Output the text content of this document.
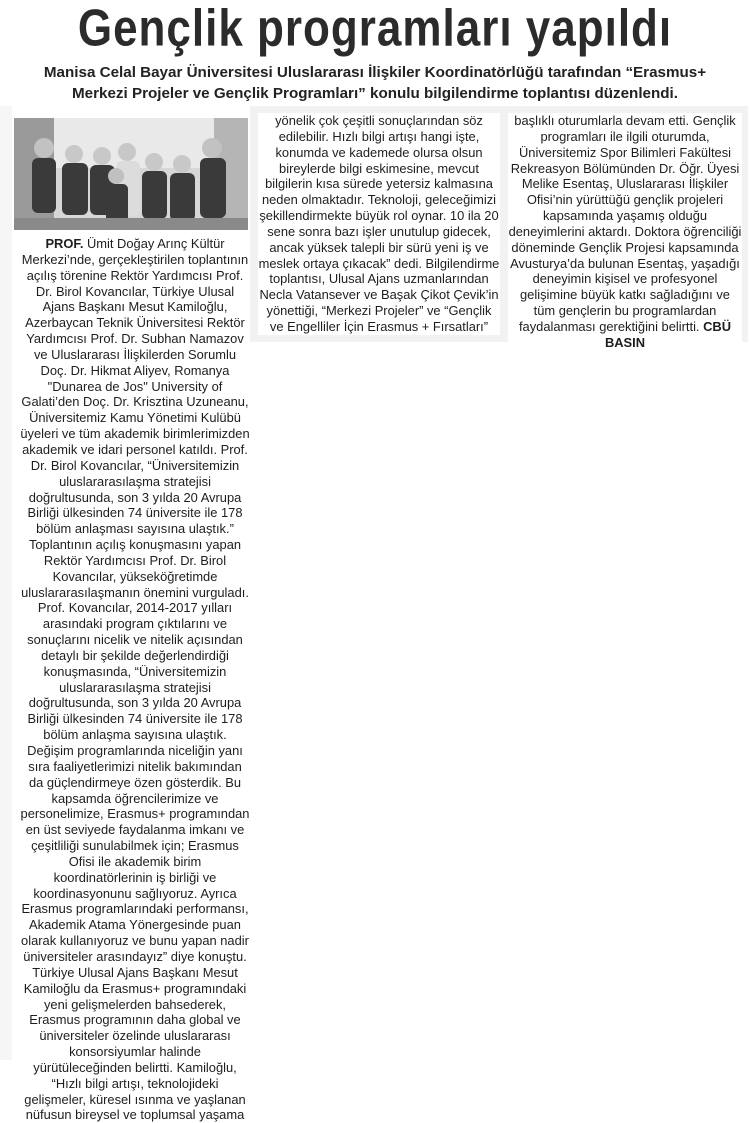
Gençlik programları yapıldı
Manisa Celal Bayar Üniversitesi Uluslararası İlişkiler Koordinatörlüğü tarafından “Erasmus+ Merkezi Projeler ve Gençlik Programları” konulu bilgilendirme toplantısı düzenlendi.

PROF. Ümit Doğay Arınç Kültür Merkezi’nde, gerçekleştirilen toplantının açılış törenine Rektör Yardımcısı Prof. Dr. Birol Kovancılar, Türkiye Ulusal Ajans Başkanı Mesut Kamiloğlu, Azerbaycan Teknik Üniversitesi Rektör Yardımcısı Prof. Dr. Subhan Namazov ve Uluslararası İlişkilerden Sorumlu Doç. Dr. Hikmat Aliyev, Romanya "Dunarea de Jos" University of Galati’den Doç. Dr. Krisztina Uzuneanu, Üniversitemiz Kamu Yönetimi Kulübü üyeleri ve tüm akademik birimlerimizden akademik ve idari personel katıldı. Prof. Dr. Birol Kovancılar, “Üniversitemizin uluslararasılaşma stratejisi doğrultusunda, son 3 yılda 20 Avrupa Birliği ülkesinden 74 üniversite ile 178 bölüm anlaşması sayısına ulaştık.” Toplantının açılış konuşmasını yapan Rektör Yardımcısı Prof. Dr. Birol Kovancılar, yükseköğretimde uluslararasılaşmanın önemini vurguladı. Prof. Kovancılar, 2014-2017 yılları arasındaki program çıktılarını ve sonuçlarını nicelik ve nitelik açısından detaylı bir şekilde değerlendirdiği konuşmasında, “Üniversitemizin uluslararasılaşma stratejisi doğrultusunda, son 3 yılda 20 Avrupa Birliği ülkesinden 74 üniversite ile 178 bölüm anlaşma sayısına ulaştık. Değişim programlarında niceliğin yanı sıra faaliyetlerimizi nitelik bakımından da güçlendirmeye özen gösterdik. Bu kapsamda öğrencilerimize ve personelimize, Erasmus+ programından en üst seviyede faydalanma imkanı ve çeşitliliği sunulabilmek için; Erasmus Ofisi ile akademik birim koordinatörlerinin iş birliği ve koordinasyonunu sağlıyoruz. Ayrıca Erasmus programlarındaki performansı, Akademik Atama Yönergesinde puan olarak kullanıyoruz ve bunu yapan nadir üniversiteler arasındayız” diye konuştu. Türkiye Ulusal Ajans Başkanı Mesut Kamiloğlu da Erasmus+ programındaki yeni gelişmelerden bahsederek, Erasmus programının daha global ve üniversiteler özelinde uluslararası konsorsiyumlar halinde yürütüleceğinden belirtti. Kamiloğlu, “Hızlı bilgi artışı, teknolojideki gelişmeler, küresel ısınma ve yaşlanan nüfusun bireysel ve toplumsal yaşama

yönelik çok çeşitli sonuçlarından söz edilebilir. Hızlı bilgi artışı hangi işte, konumda ve kademede olursa olsun bireylerde bilgi eskimesine, mevcut bilgilerin kısa sürede yetersiz kalmasına neden olmaktadır. Teknoloji, geleceğimizi şekillendirmekte büyük rol oynar. 10 ila 20 sene sonra bazı işler unutulup gidecek, ancak yüksek talepli bir sürü yeni iş ve meslek ortaya çıkacak” dedi. Bilgilendirme toplantısı, Ulusal Ajans uzmanlarından Necla Vatansever ve Başak Çikot Çevik’in yönettiği, “Merkezi Projeler” ve “Gençlik ve Engelliler İçin Erasmus + Fırsatları”

başlıklı oturumlarla devam etti. Gençlik programları ile ilgili oturumda, Üniversitemiz Spor Bilimleri Fakültesi Rekreasyon Bölümünden Dr. Öğr. Üyesi Melike Esentaş, Uluslararası İlişkiler Ofisi’nin yürüttüğü gençlik projeleri kapsamında yaşamış olduğu deneyimlerini aktardı. Doktora öğrenciliği döneminde Gençlik Projesi kapsamında Avusturya’da bulunan Esentaş, yaşadığı deneyimin kişisel ve profesyonel gelişimine büyük katkı sağladığını ve tüm gençlerin bu programlardan faydalanması gerektiğini belirtti. CBÜ BASIN
